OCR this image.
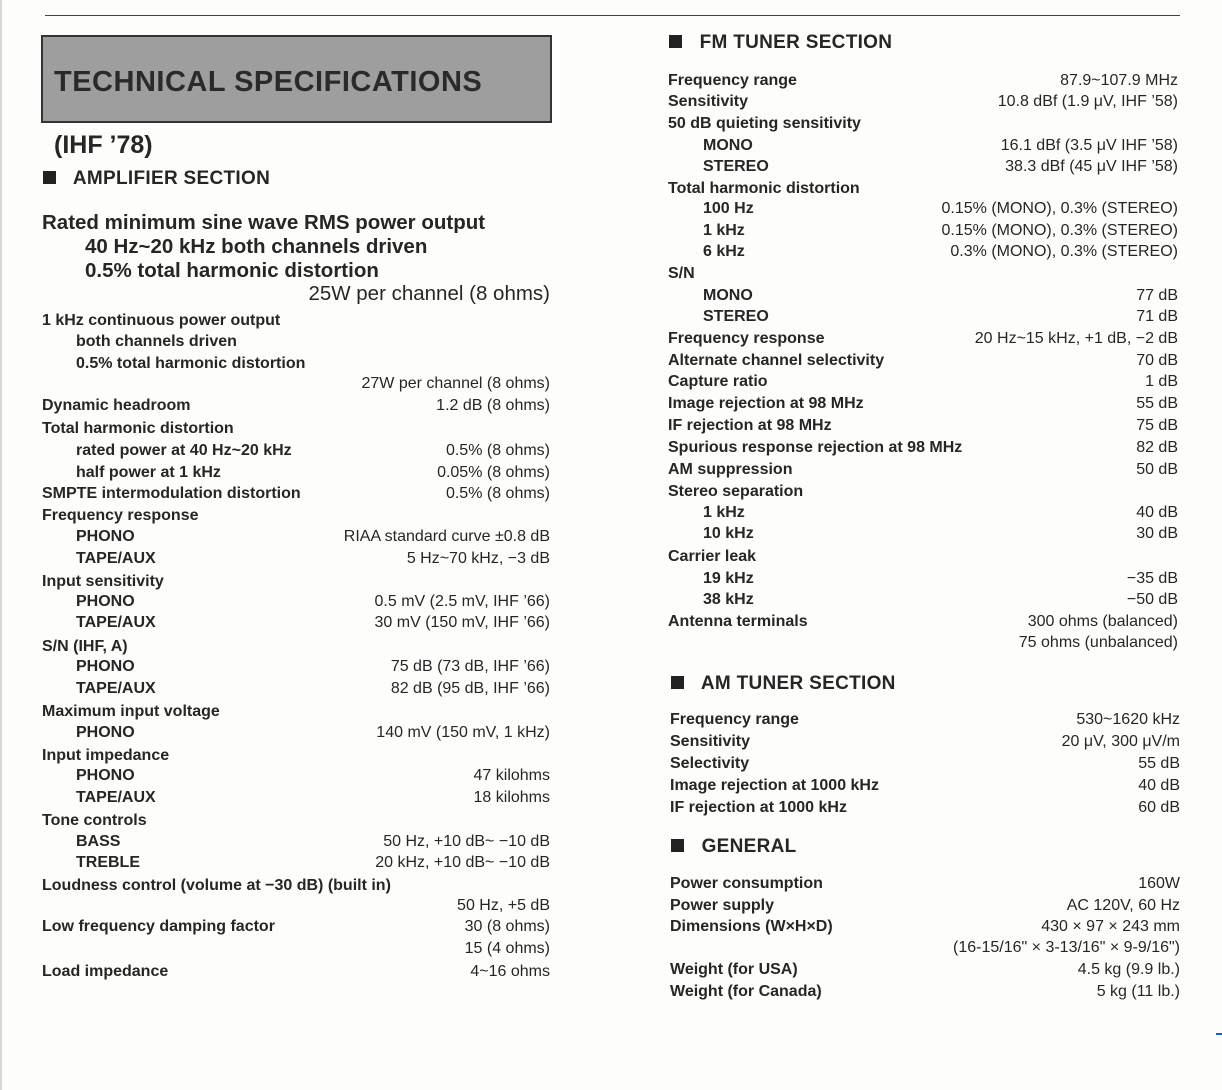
TECHNICAL SPECIFICATIONS
(IHF ’78)
AMPLIFIER SECTION
Rated minimum sine wave RMS power output
40 Hz~20 kHz both channels driven
0.5% total harmonic distortion
25W per channel (8 ohms)
1 kHz continuous power output
both channels driven
0.5% total harmonic distortion
27W per channel (8 ohms)
Dynamic headroom	1.2 dB (8 ohms)
Total harmonic distortion
rated power at 40 Hz~20 kHz	0.5% (8 ohms)
half power at 1 kHz	0.05% (8 ohms)
SMPTE intermodulation distortion	0.5% (8 ohms)
Frequency response
PHONO	RIAA standard curve ±0.8 dB
TAPE/AUX	5 Hz~70 kHz, −3 dB
Input sensitivity
PHONO	0.5 mV (2.5 mV, IHF ’66)
TAPE/AUX	30 mV (150 mV, IHF ’66)
S/N (IHF, A)
PHONO	75 dB (73 dB, IHF ’66)
TAPE/AUX	82 dB (95 dB, IHF ’66)
Maximum input voltage
PHONO	140 mV (150 mV, 1 kHz)
Input impedance
PHONO	47 kilohms
TAPE/AUX	18 kilohms
Tone controls
BASS	50 Hz, +10 dB~ −10 dB
TREBLE	20 kHz, +10 dB~ −10 dB
Loudness control (volume at −30 dB) (built in)
50 Hz, +5 dB
Low frequency damping factor	30 (8 ohms)
15 (4 ohms)
Load impedance	4~16 ohms
FM TUNER SECTION
Frequency range	87.9~107.9 MHz
Sensitivity	10.8 dBf (1.9 μV, IHF ’58)
50 dB quieting sensitivity
MONO	16.1 dBf (3.5 μV IHF ’58)
STEREO	38.3 dBf (45 μV IHF ’58)
Total harmonic distortion
100 Hz	0.15% (MONO), 0.3% (STEREO)
1 kHz	0.15% (MONO), 0.3% (STEREO)
6 kHz	0.3% (MONO), 0.3% (STEREO)
S/N
MONO	77 dB
STEREO	71 dB
Frequency response	20 Hz~15 kHz, +1 dB, −2 dB
Alternate channel selectivity	70 dB
Capture ratio	1 dB
Image rejection at 98 MHz	55 dB
IF rejection at 98 MHz	75 dB
Spurious response rejection at 98 MHz	82 dB
AM suppression	50 dB
Stereo separation
1 kHz	40 dB
10 kHz	30 dB
Carrier leak
19 kHz	−35 dB
38 kHz	−50 dB
Antenna terminals	300 ohms (balanced)
75 ohms (unbalanced)
AM TUNER SECTION
Frequency range	530~1620 kHz
Sensitivity	20 μV, 300 μV/m
Selectivity	55 dB
Image rejection at 1000 kHz	40 dB
IF rejection at 1000 kHz	60 dB
GENERAL
Power consumption	160W
Power supply	AC 120V, 60 Hz
Dimensions (W×H×D)	430 × 97 × 243 mm
(16-15/16" × 3-13/16" × 9-9/16")
Weight (for USA)	4.5 kg (9.9 lb.)
Weight (for Canada)	5 kg (11 lb.)
